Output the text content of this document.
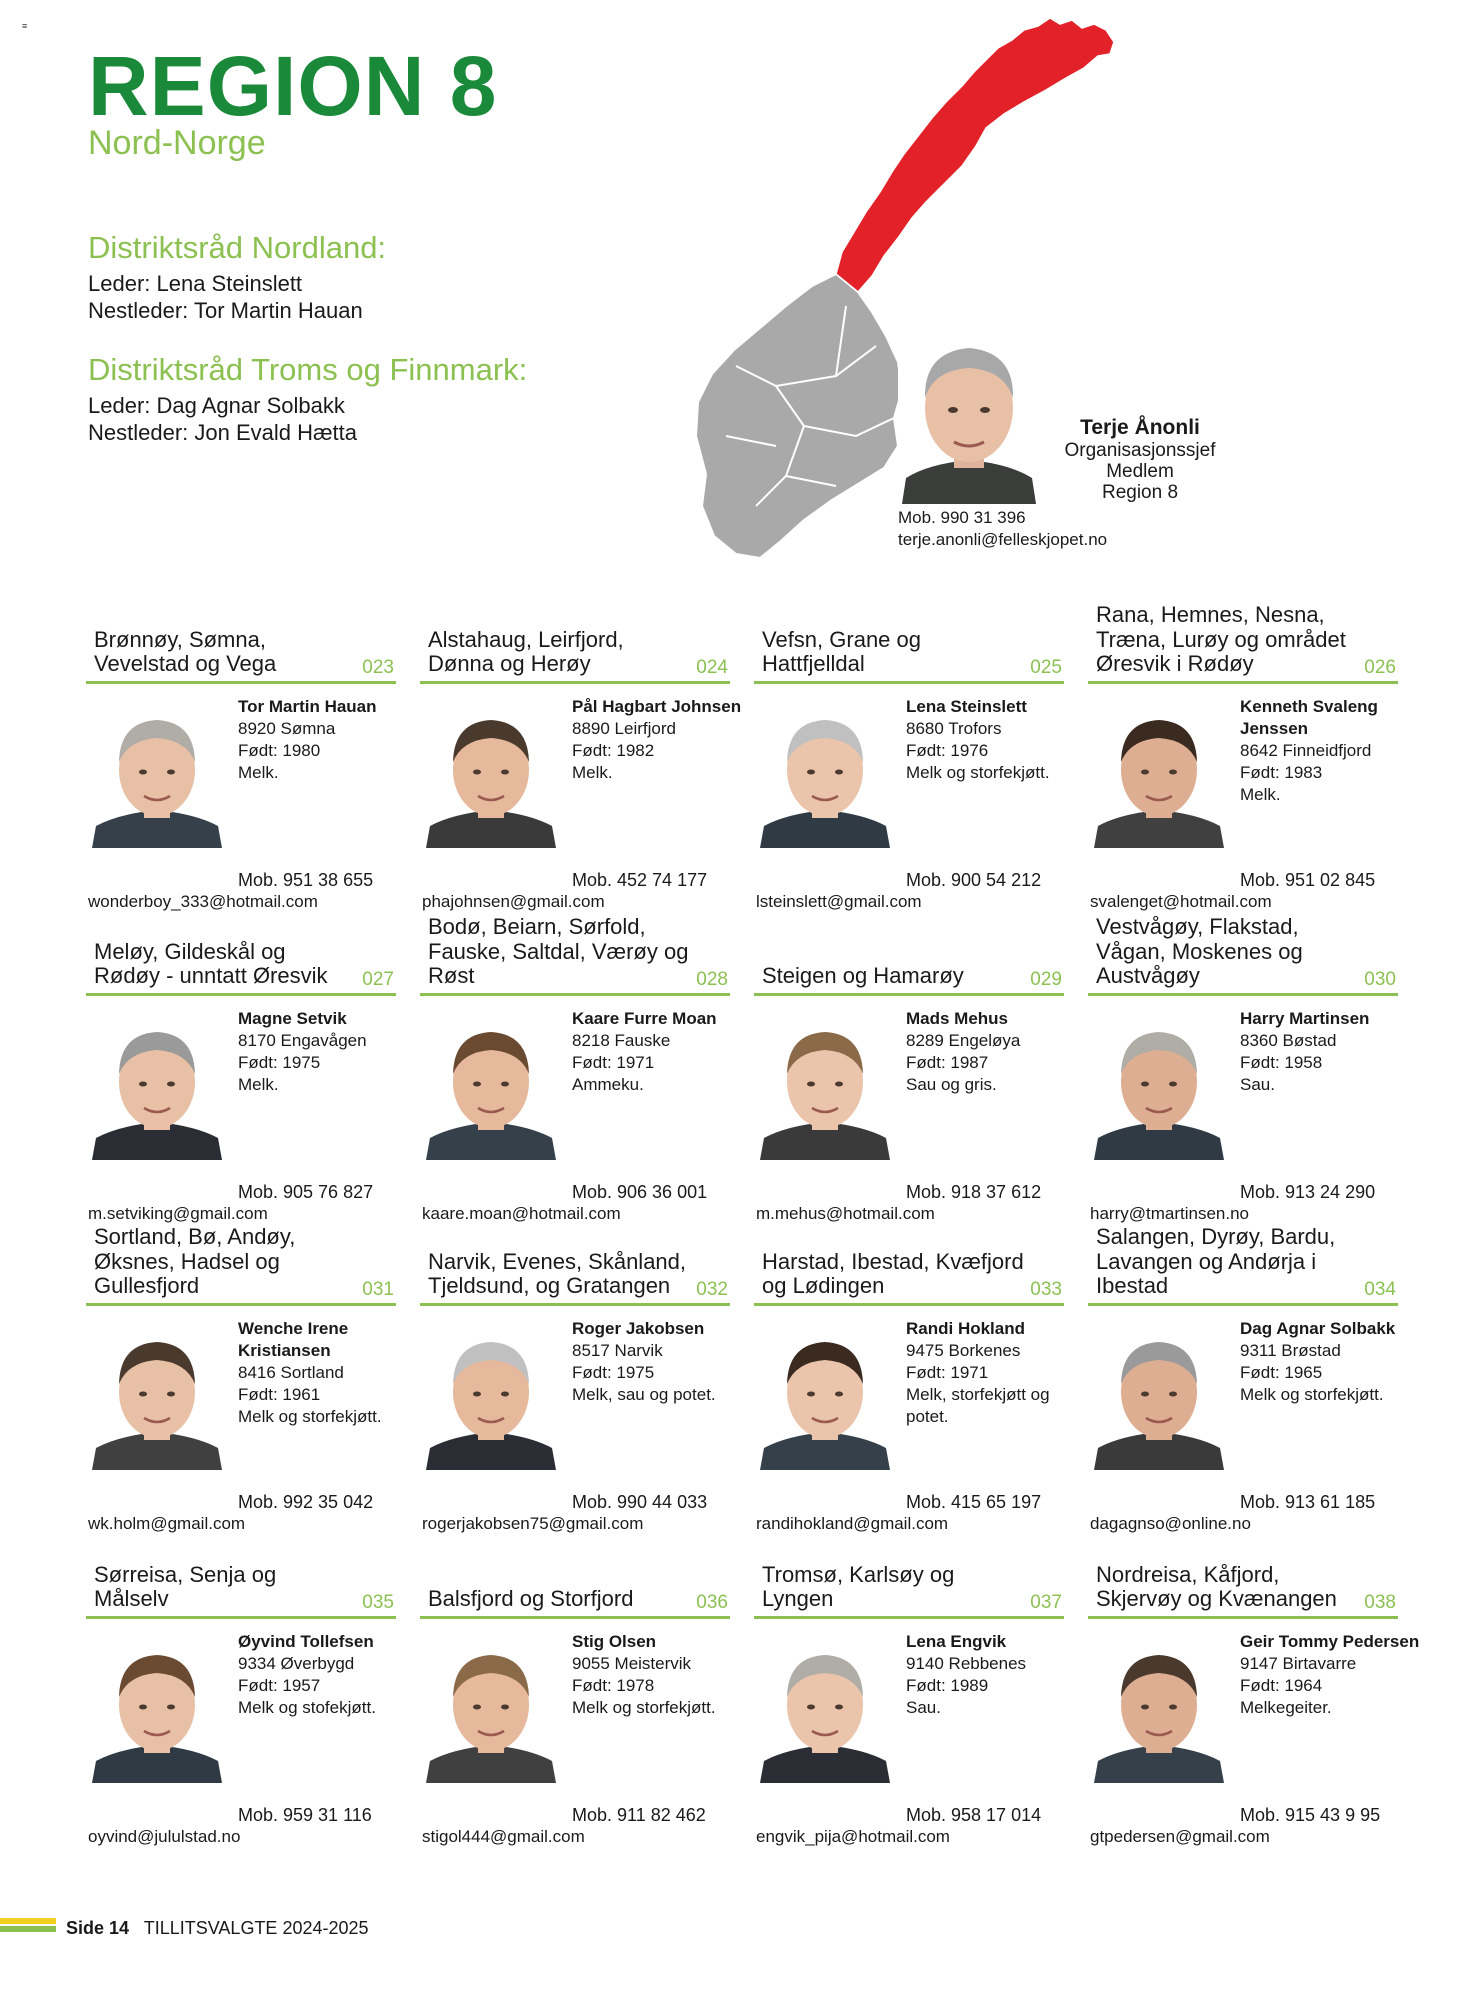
≡
REGION 8
Nord-Norge
Distriktsråd Nordland:
Leder: Lena Steinslett
Nestleder: Tor Martin Hauan
Distriktsråd Troms og Finnmark:
Leder: Dag Agnar Solbakk
Nestleder: Jon Evald Hætta	Terje Ånonli
Organisasjonssjef
Medlem
Region 8
Mob. 990 31 396
terje.anonli@felleskjopet.no
Brønnøy, Sømna, Vevelstad og Vega	023
Tor Martin Hauan
8920 Sømna
Født: 1980
Melk.
Mob. 951 38 655
wonderboy_333@hotmail.com
Alstahaug, Leirfjord, Dønna og Herøy	024
Pål Hagbart Johnsen
8890 Leirfjord
Født: 1982
Melk.
Mob. 452 74 177
phajohnsen@gmail.com
Vefsn, Grane og Hattfjelldal	025
Lena Steinslett
8680 Trofors
Født: 1976
Melk og storfekjøtt.
Mob. 900 54 212
lsteinslett@gmail.com
Rana, Hemnes, Nesna, Træna, Lurøy og området Øresvik i Rødøy	026
Kenneth Svaleng Jenssen
8642 Finneidfjord
Født: 1983
Melk.
Mob. 951 02 845
svalenget@hotmail.com
Meløy, Gildeskål og Rødøy - unntatt Øresvik	027
Magne Setvik
8170 Engavågen
Født: 1975
Melk.
Mob. 905 76 827
m.setviking@gmail.com
Bodø, Beiarn, Sørfold, Fauske, Saltdal, Værøy og Røst	028
Kaare Furre Moan
8218 Fauske
Født: 1971
Ammeku.
Mob. 906 36 001
kaare.moan@hotmail.com
Steigen og Hamarøy	029
Mads Mehus
8289 Engeløya
Født: 1987
Sau og gris.
Mob. 918 37 612
m.mehus@hotmail.com
Vestvågøy, Flakstad, Vågan, Moskenes og Austvågøy	030
Harry Martinsen
8360 Bøstad
Født: 1958
Sau.
Mob. 913 24 290
harry@tmartinsen.no
Sortland, Bø, Andøy, Øksnes, Hadsel og Gullesfjord	031
Wenche Irene Kristiansen
8416 Sortland
Født: 1961
Melk og storfekjøtt.
Mob. 992 35 042
wk.holm@gmail.com
Narvik, Evenes, Skånland, Tjeldsund, og Gratangen	032
Roger Jakobsen
8517 Narvik
Født: 1975
Melk, sau og potet.
Mob. 990 44 033
rogerjakobsen75@gmail.com
Harstad, Ibestad, Kvæfjord og Lødingen	033
Randi Hokland
9475 Borkenes
Født: 1971
Melk, storfekjøtt og potet.
Mob. 415 65 197
randihokland@gmail.com
Salangen, Dyrøy, Bardu, Lavangen og Andørja i Ibestad	034
Dag Agnar Solbakk
9311 Brøstad
Født: 1965
Melk og storfekjøtt.
Mob. 913 61 185
dagagnso@online.no
Sørreisa, Senja og Målselv	035
Øyvind Tollefsen
9334 Øverbygd
Født: 1957
Melk og stofekjøtt.
Mob. 959 31 116
oyvind@jululstad.no
Balsfjord og Storfjord	036
Stig Olsen
9055 Meistervik
Født: 1978
Melk og storfekjøtt.
Mob. 911 82 462
stigol444@gmail.com
Tromsø, Karlsøy og Lyngen	037
Lena Engvik
9140 Rebbenes
Født: 1989
Sau.
Mob. 958 17 014
engvik_pija@hotmail.com
Nordreisa, Kåfjord, Skjervøy og Kvænangen	038
Geir Tommy Pedersen
9147 Birtavarre
Født: 1964
Melkegeiter.
Mob. 915 43 9 95
gtpedersen@gmail.com
Side 14 TILLITSVALGTE 2024-2025
